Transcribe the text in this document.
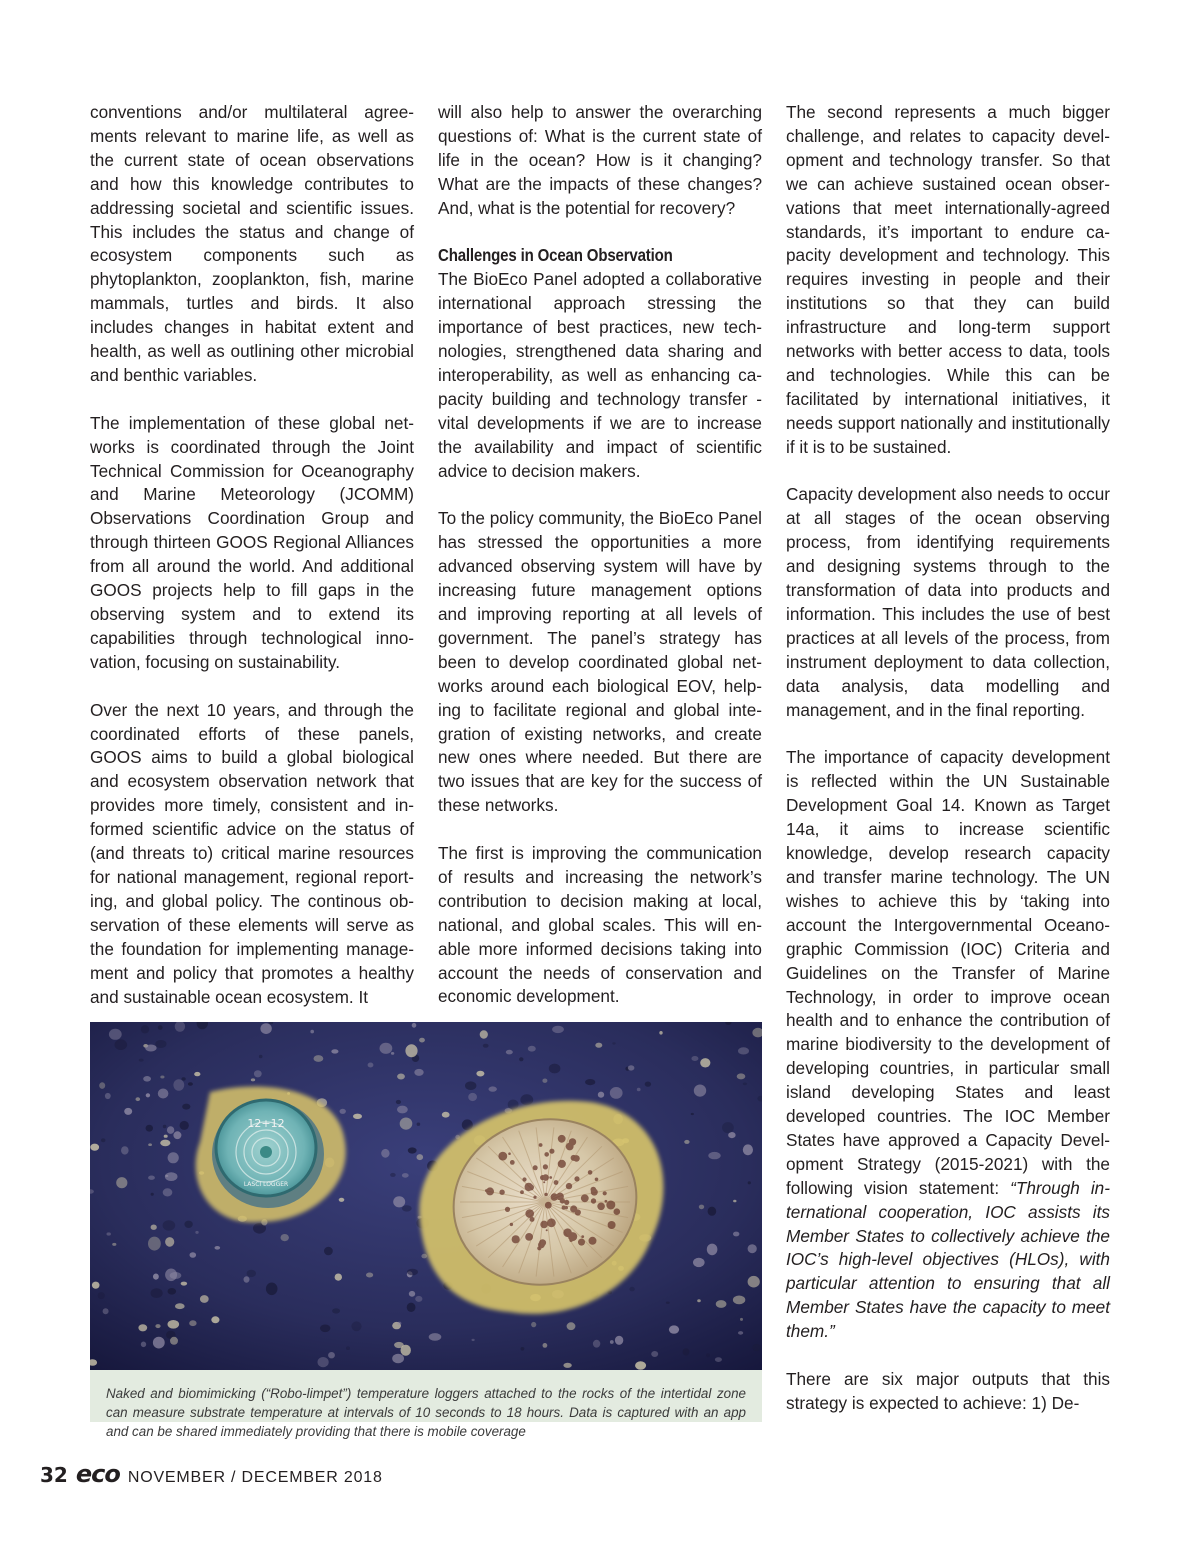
conventions and/or multilateral agreements relevant to marine life, as well as the current state of ocean observations and how this knowledge contributes to addressing societal and scientific issues. This includes the status and change of ecosystem components such as phytoplankton, zooplankton, fish, marine mammals, turtles and birds. It also includes changes in habitat extent and health, as well as outlining other microbial and benthic variables.

The implementation of these global networks is coordinated through the Joint Technical Commission for Oceanography and Marine Meteorology (JCOMM) Observations Coordination Group and through thirteen GOOS Regional Alliances from all around the world. And additional GOOS projects help to fill gaps in the observing system and to extend its capabilities through technological innovation, focusing on sustainability.

Over the next 10 years, and through the coordinated efforts of these panels, GOOS aims to build a global biological and ecosystem observation network that provides more timely, consistent and informed scientific advice on the status of (and threats to) critical marine resources for national management, regional reporting, and global policy. The continous observation of these elements will serve as the foundation for implementing management and policy that promotes a healthy and sustainable ocean ecosystem. It

will also help to answer the overarching questions of: What is the current state of life in the ocean? How is it changing? What are the impacts of these changes? And, what is the potential for recovery?

Challenges in Ocean Observation

The BioEco Panel adopted a collaborative international approach stressing the importance of best practices, new technologies, strengthened data sharing and interoperability, as well as enhancing capacity building and technology transfer - vital developments if we are to increase the availability and impact of scientific advice to decision makers.

To the policy community, the BioEco Panel has stressed the opportunities a more advanced observing system will have by increasing future management options and improving reporting at all levels of government. The panel’s strategy has been to develop coordinated global networks around each biological EOV, helping to facilitate regional and global integration of existing networks, and create new ones where needed. But there are two issues that are key for the success of these networks.

The first is improving the communication of results and increasing the network’s contribution to decision making at local, national, and global scales. This will enable more informed decisions taking into account the needs of conservation and economic development.

The second represents a much bigger challenge, and relates to capacity development and technology transfer. So that we can achieve sustained ocean observations that meet internationally-agreed standards, it’s important to endure capacity development and technology. This requires investing in people and their institutions so that they can build infrastructure and long-term support networks with better access to data, tools and technologies. While this can be facilitated by international initiatives, it needs support nationally and institutionally if it is to be sustained.

Capacity development also needs to occur at all stages of the ocean observing process, from identifying requirements and designing systems through to the transformation of data into products and information. This includes the use of best practices at all levels of the process, from instrument deployment to data collection, data analysis, data modelling and management, and in the final reporting.

The importance of capacity development is reflected within the UN Sustainable Development Goal 14. Known as Target 14a, it aims to increase scientific knowledge, develop research capacity and transfer marine technology. The UN wishes to achieve this by ‘taking into account the Intergovernmental Oceanographic Commission (IOC) Criteria and Guidelines on the Transfer of Marine Technology, in order to improve ocean health and to enhance the contribution of marine biodiversity to the development of developing countries, in particular small island developing States and least developed countries. The IOC Member States have approved a Capacity Development Strategy (2015-2021) with the following vision statement: “Through international cooperation, IOC assists its Member States to collectively achieve the IOC’s high-level objectives (HLOs), with particular attention to ensuring that all Member States have the capacity to meet them.”

There are six major outputs that this strategy is expected to achieve: 1) De-

12+12
LASCI LOGGER
Naked and biomimicking (“Robo-limpet”) temperature loggers attached to the rocks of the intertidal zone can measure substrate temperature at intervals of 10 seconds to 18 hours. Data is captured with an app and can be shared immediately providing that there is mobile coverage
32 eco NOVEMBER / DECEMBER 2018
